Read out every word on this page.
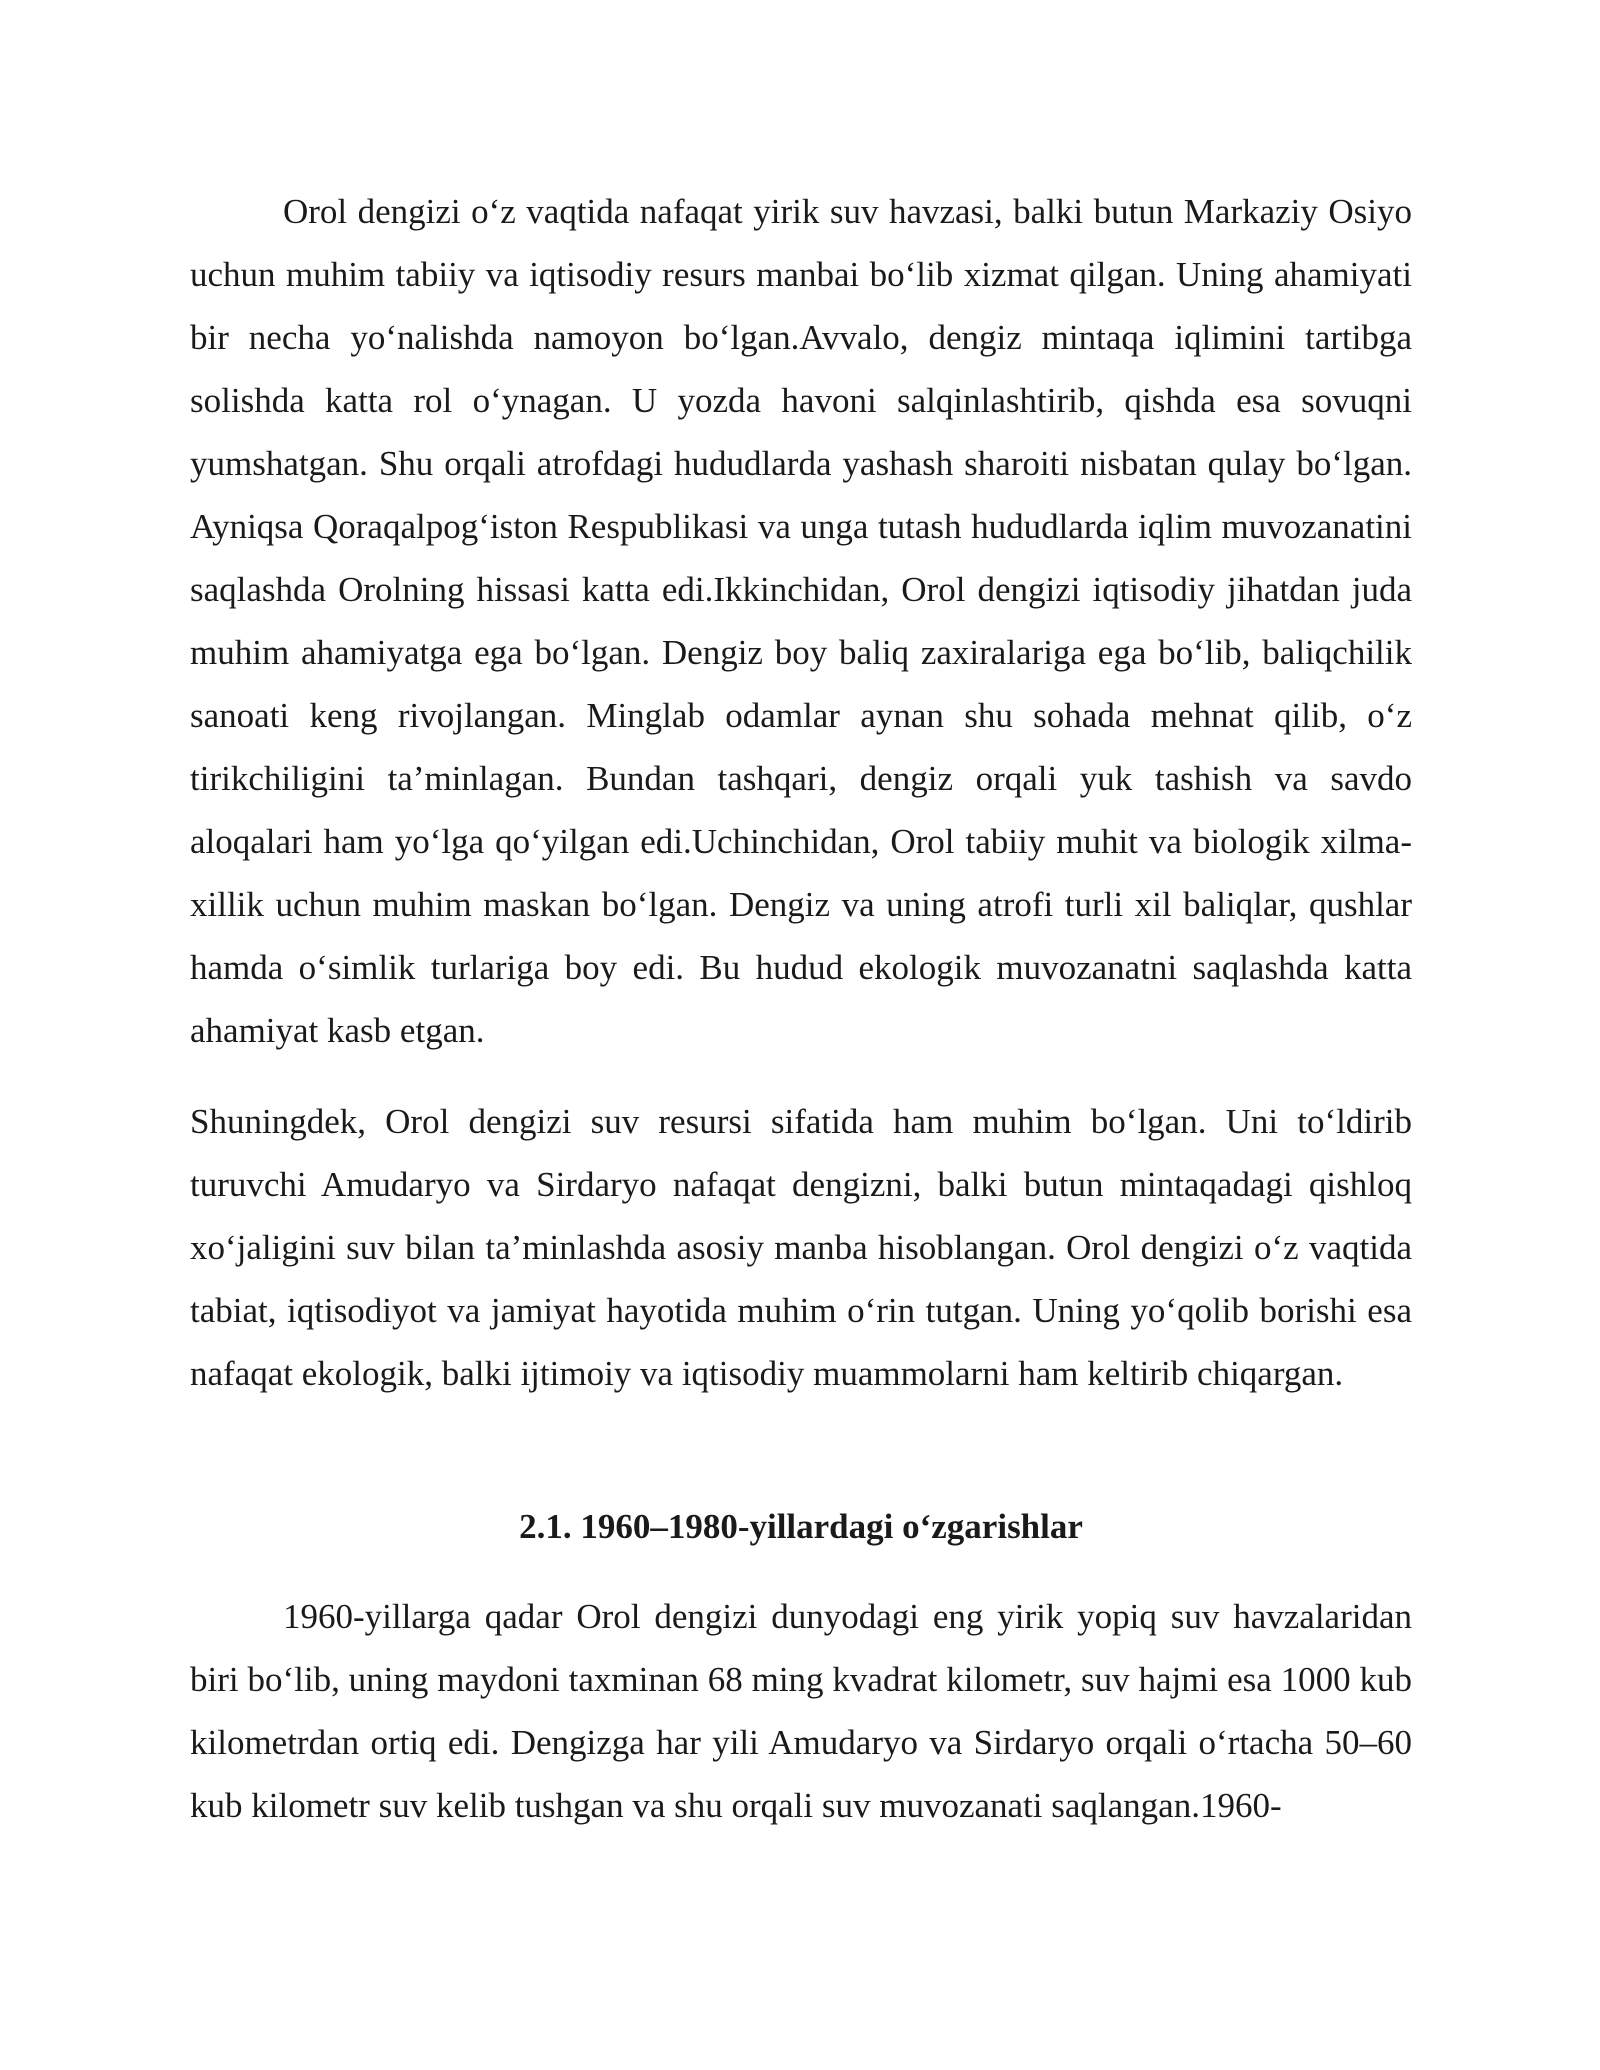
Orol dengizi o‘z vaqtida nafaqat yirik suv havzasi, balki butun Markaziy Osiyo uchun muhim tabiiy va iqtisodiy resurs manbai bo‘lib xizmat qilgan. Uning ahamiyati bir necha yo‘nalishda namoyon bo‘lgan.Avvalo, dengiz mintaqa iqlimini tartibga solishda katta rol o‘ynagan. U yozda havoni salqinlashtirib, qishda esa sovuqni yumshatgan. Shu orqali atrofdagi hududlarda yashash sharoiti nisbatan qulay bo‘lgan. Ayniqsa Qoraqalpog‘iston Respublikasi va unga tutash hududlarda iqlim muvozanatini saqlashda Orolning hissasi katta edi.Ikkinchidan, Orol dengizi iqtisodiy jihatdan juda muhim ahamiyatga ega bo‘lgan. Dengiz boy baliq zaxiralariga ega bo‘lib, baliqchilik sanoati keng rivojlangan. Minglab odamlar aynan shu sohada mehnat qilib, o‘z tirikchiligini ta’minlagan. Bundan tashqari, dengiz orqali yuk tashish va savdo aloqalari ham yo‘lga qo‘yilgan edi.Uchinchidan, Orol tabiiy muhit va biologik xilma-xillik uchun muhim maskan bo‘lgan. Dengiz va uning atrofi turli xil baliqlar, qushlar hamda o‘simlik turlariga boy edi. Bu hudud ekologik muvozanatni saqlashda katta ahamiyat kasb etgan.

Shuningdek, Orol dengizi suv resursi sifatida ham muhim bo‘lgan. Uni to‘ldirib turuvchi Amudaryo va Sirdaryo nafaqat dengizni, balki butun mintaqadagi qishloq xo‘jaligini suv bilan ta’minlashda asosiy manba hisoblangan. Orol dengizi o‘z vaqtida tabiat, iqtisodiyot va jamiyat hayotida muhim o‘rin tutgan. Uning yo‘qolib borishi esa nafaqat ekologik, balki ijtimoiy va iqtisodiy muammolarni ham keltirib chiqargan.

2.1. 1960–1980-yillardagi o‘zgarishlar

1960-yillarga qadar Orol dengizi dunyodagi eng yirik yopiq suv havzalaridan biri bo‘lib, uning maydoni taxminan 68 ming kvadrat kilometr, suv hajmi esa 1000 kub kilometrdan ortiq edi. Dengizga har yili Amudaryo va Sirdaryo orqali o‘rtacha 50–60 kub kilometr suv kelib tushgan va shu orqali suv muvozanati saqlangan.1960-
